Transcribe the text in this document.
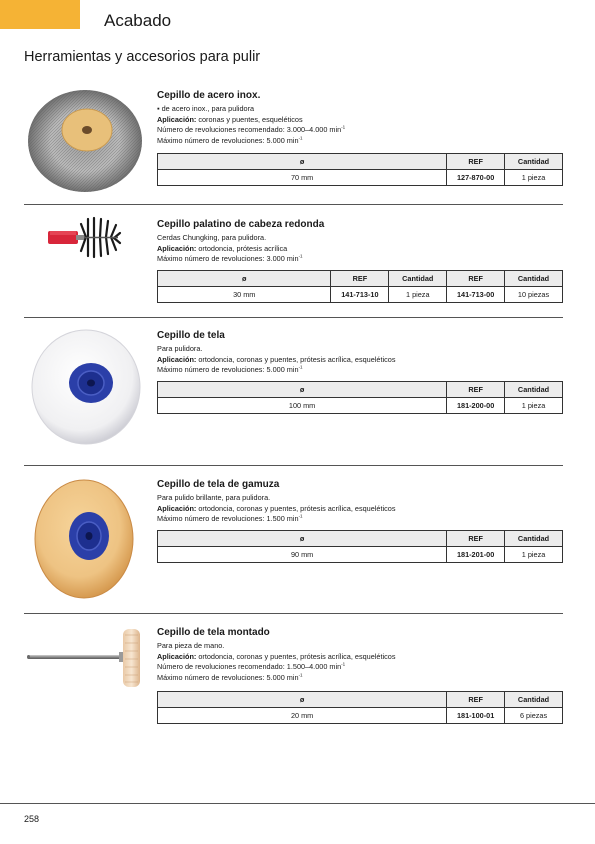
Acabado
Herramientas y accesorios para pulir
Cepillo de acero inox.

▪ de acero inox., para pulidora

Aplicación: coronas y puentes, esqueléticos

Número de revoluciones recomendado: 3.000–4.000 $\min^{-1}$

Máximo número de revoluciones: 5.000 $\min^{-1}$

ø	REF	Cantidad
70 mm	127-870-00	1 pieza
Cepillo palatino de cabeza redonda

Cerdas Chungking, para pulidora.

Aplicación: ortodoncia, prótesis acrílica

Máximo número de revoluciones: 3.000 $\min^{-1}$

ø	REF	Cantidad	REF	Cantidad
30 mm	141-713-10	1 pieza	141-713-00	10 piezas
Cepillo de tela

Para pulidora.

Aplicación: ortodoncia, coronas y puentes, prótesis acrílica, esqueléticos

Máximo número de revoluciones: 5.000 $\min^{-1}$

ø	REF	Cantidad
100 mm	181-200-00	1 pieza
Cepillo de tela de gamuza

Para pulido brillante, para pulidora.

Aplicación: ortodoncia, coronas y puentes, prótesis acrílica, esqueléticos

Máximo número de revoluciones: 1.500 $\min^{-1}$

ø	REF	Cantidad
90 mm	181-201-00	1 pieza
Cepillo de tela montado

Para pieza de mano.

Aplicación: ortodoncia, coronas y puentes, prótesis acrílica, esqueléticos

Número de revoluciones recomendado: 1.500–4.000 $\min^{-1}$

Máximo número de revoluciones: 5.000 $\min^{-1}$

ø	REF	Cantidad
20 mm	181-100-01	6 piezas
258
